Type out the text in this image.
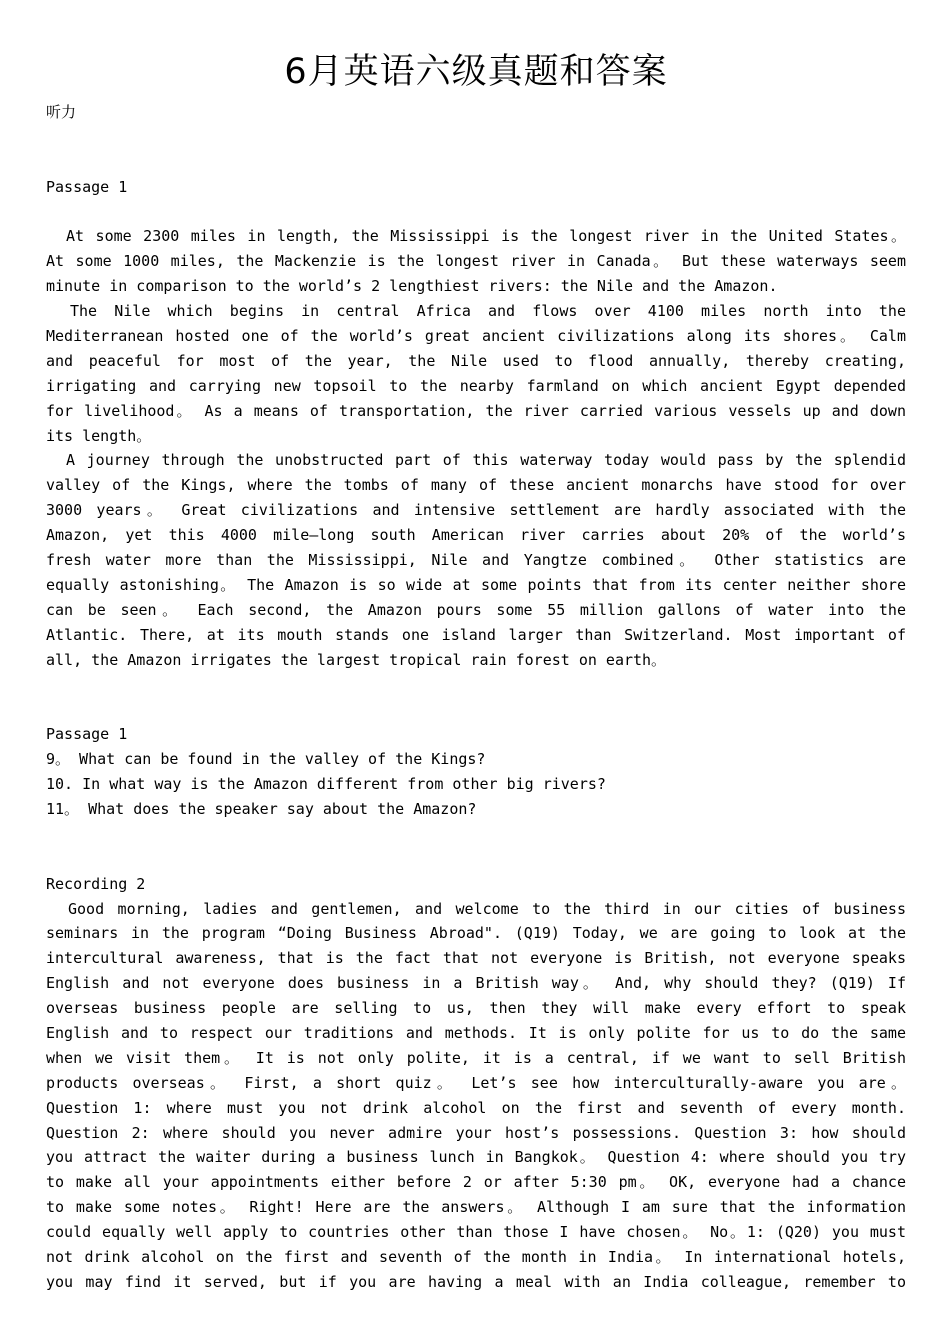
6月英语六级真题和答案
听力
Passage 1
At some 2300 miles in length, the Mississippi is the longest river in the United States。
At some 1000 miles, the Mackenzie is the longest river in Canada。 But these waterways seem
minute in comparison to the world’s 2 lengthiest rivers: the Nile and the Amazon.
The Nile which begins in central Africa and flows over 4100 miles north into the
Mediterranean hosted one of the world’s great ancient civilizations along its shores。 Calm
and peaceful for most of the year, the Nile used to flood annually, thereby creating,
irrigating and carrying new topsoil to the nearby farmland on which ancient Egypt depended
for livelihood。 As a means of transportation, the river carried various vessels up and down
its length。
A journey through the unobstructed part of this waterway today would pass by the splendid
valley of the Kings, where the tombs of many of these ancient monarchs have stood for over
3000 years。 Great civilizations and intensive settlement are hardly associated with the
Amazon, yet this 4000 mile—long south American river carries about 20% of the world’s
fresh water more than the Mississippi, Nile and Yangtze combined。 Other statistics are
equally astonishing。 The Amazon is so wide at some points that from its center neither shore
can be seen。 Each second, the Amazon pours some 55 million gallons of water into the
Atlantic. There, at its mouth stands one island larger than Switzerland. Most important of
all, the Amazon irrigates the largest tropical rain forest on earth。
Passage 1
9。 What can be found in the valley of the Kings?
10. In what way is the Amazon different from other big rivers?
11。 What does the speaker say about the Amazon?
Recording 2
Good morning, ladies and gentlemen, and welcome to the third in our cities of business
seminars in the program “Doing Business Abroad". (Q19) Today, we are going to look at the
intercultural awareness, that is the fact that not everyone is British, not everyone speaks
English and not everyone does business in a British way。 And, why should they? (Q19) If
overseas business people are selling to us, then they will make every effort to speak
English and to respect our traditions and methods. It is only polite for us to do the same
when we visit them。 It is not only polite, it is a central, if we want to sell British
products overseas。 First, a short quiz。 Let’s see how interculturally-aware you are。
Question 1: where must you not drink alcohol on the first and seventh of every month.
Question 2: where should you never admire your host’s possessions. Question 3: how should
you attract the waiter during a business lunch in Bangkok。 Question 4: where should you try
to make all your appointments either before 2 or after 5:30 pm。 OK, everyone had a chance
to make some notes。 Right! Here are the answers。 Although I am sure that the information
could equally well apply to countries other than those I have chosen。 No。1: (Q20) you must
not drink alcohol on the first and seventh of the month in India。 In international hotels,
you may find it served, but if you are having a meal with an India colleague, remember to
